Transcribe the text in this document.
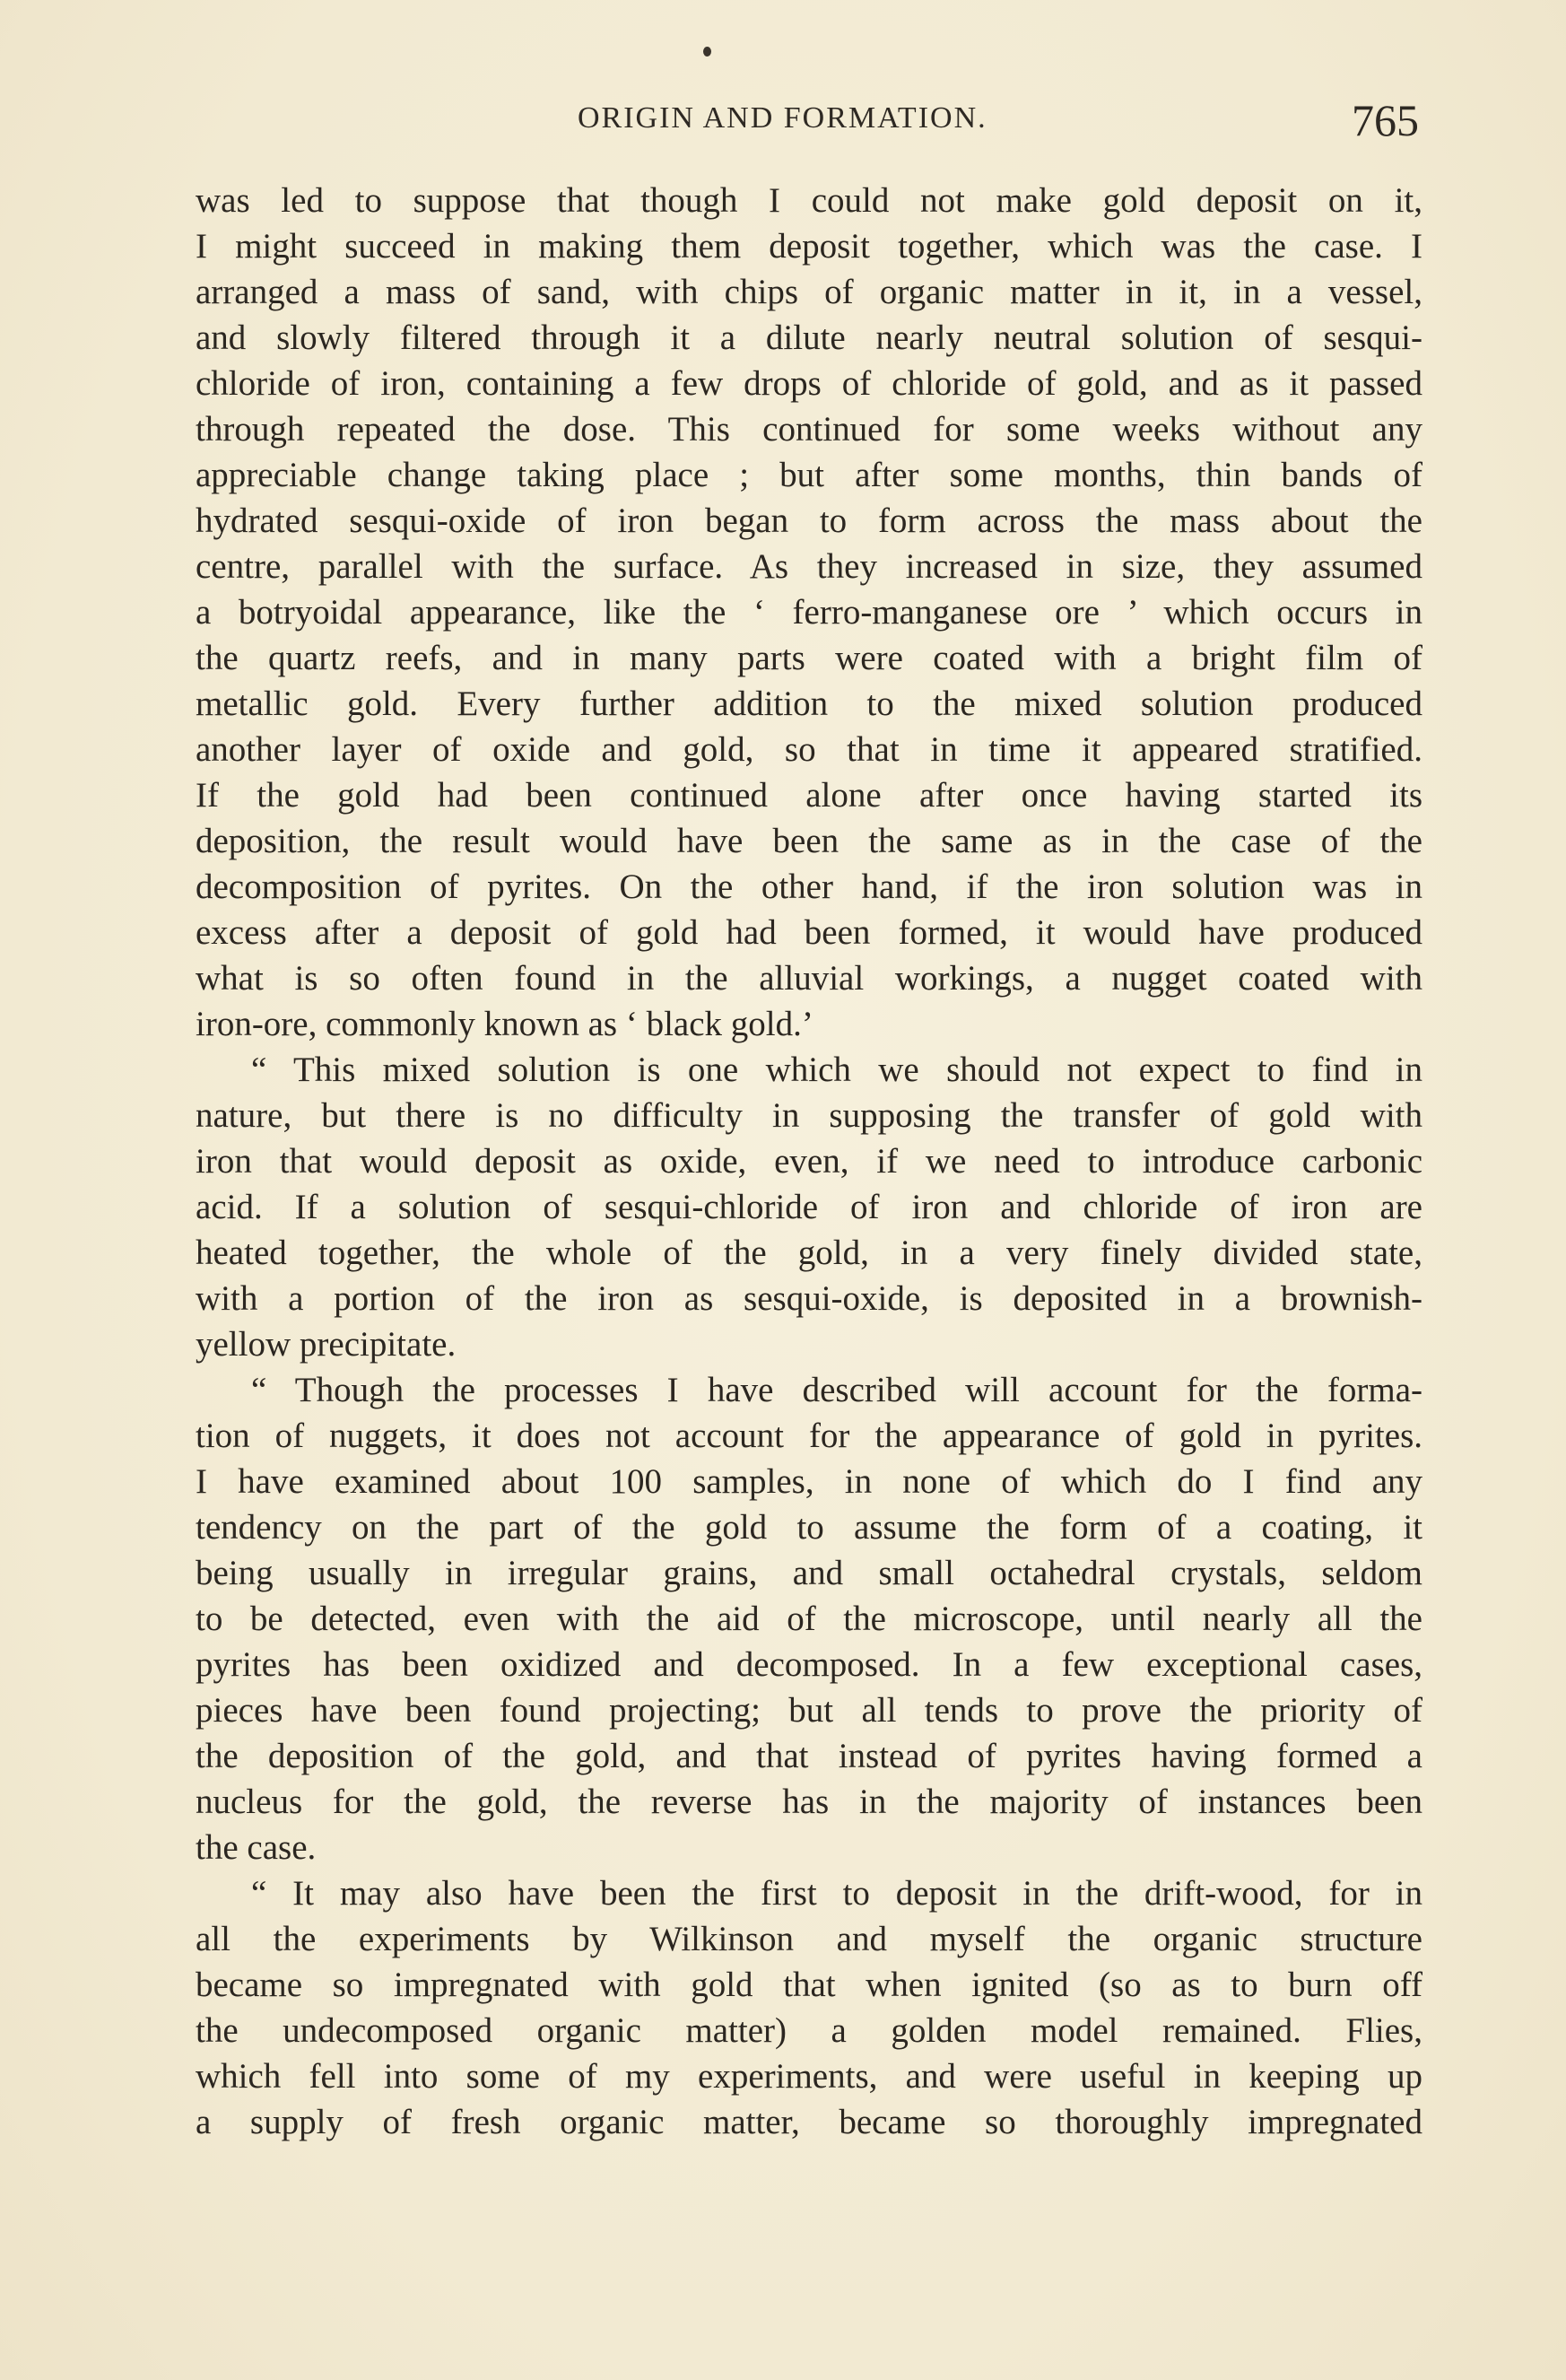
ORIGIN AND FORMATION.	765
was led to suppose that though I could not make gold deposit on it,
I might succeed in making them deposit together, which was the case. I
arranged a mass of sand, with chips of organic matter in it, in a vessel,
and slowly filtered through it a dilute nearly neutral solution of sesqui-
chloride of iron, containing a few drops of chloride of gold, and as it passed
through repeated the dose. This continued for some weeks without any
appreciable change taking place ; but after some months, thin bands of
hydrated sesqui-oxide of iron began to form across the mass about the
centre, parallel with the surface. As they increased in size, they assumed
a botryoidal appearance, like the ‘ ferro-manganese ore ’ which occurs in
the quartz reefs, and in many parts were coated with a bright film of
metallic gold. Every further addition to the mixed solution produced
another layer of oxide and gold, so that in time it appeared stratified.
If the gold had been continued alone after once having started its
deposition, the result would have been the same as in the case of the
decomposition of pyrites. On the other hand, if the iron solution was in
excess after a deposit of gold had been formed, it would have produced
what is so often found in the alluvial workings, a nugget coated with
iron-ore, commonly known as ‘ black gold.’
“ This mixed solution is one which we should not expect to find in
nature, but there is no difficulty in supposing the transfer of gold with
iron that would deposit as oxide, even, if we need to introduce carbonic
acid. If a solution of sesqui-chloride of iron and chloride of iron are
heated together, the whole of the gold, in a very finely divided state,
with a portion of the iron as sesqui-oxide, is deposited in a brownish-
yellow precipitate.
“ Though the processes I have described will account for the forma-
tion of nuggets, it does not account for the appearance of gold in pyrites.
I have examined about 100 samples, in none of which do I find any
tendency on the part of the gold to assume the form of a coating, it
being usually in irregular grains, and small octahedral crystals, seldom
to be detected, even with the aid of the microscope, until nearly all the
pyrites has been oxidized and decomposed. In a few exceptional cases,
pieces have been found projecting; but all tends to prove the priority of
the deposition of the gold, and that instead of pyrites having formed a
nucleus for the gold, the reverse has in the majority of instances been
the case.
“ It may also have been the first to deposit in the drift-wood, for in
all the experiments by Wilkinson and myself the organic structure
became so impregnated with gold that when ignited (so as to burn off
the undecomposed organic matter) a golden model remained. Flies,
which fell into some of my experiments, and were useful in keeping up
a supply of fresh organic matter, became so thoroughly impregnated
